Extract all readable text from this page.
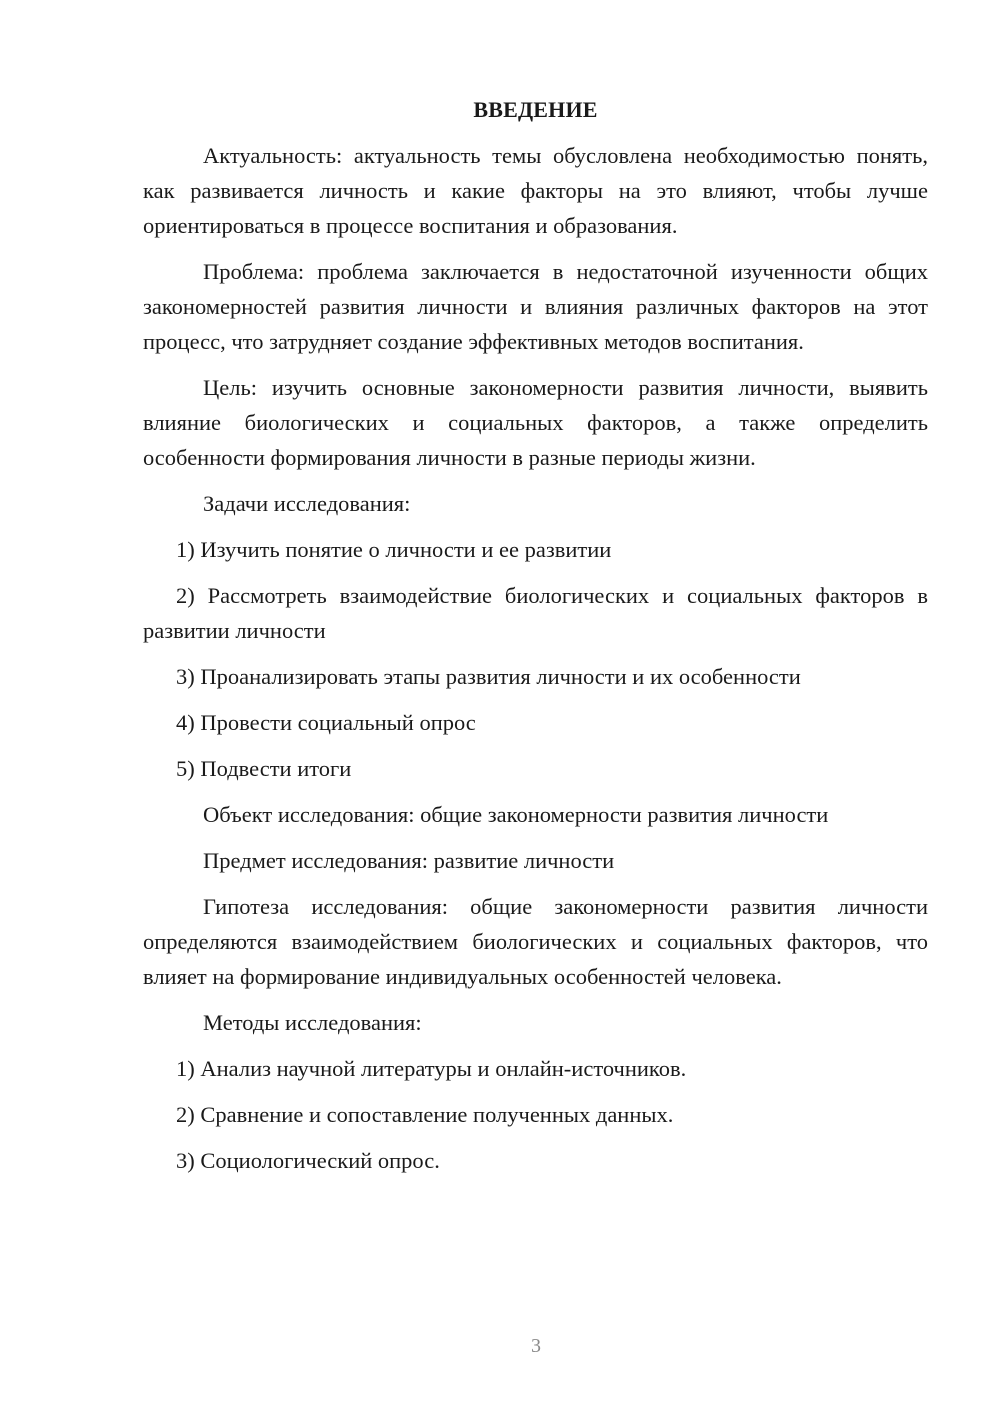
ВВЕДЕНИЕ

Актуальность: актуальность темы обусловлена необходимостью понять, как развивается личность и какие факторы на это влияют, чтобы лучше ориентироваться в процессе воспитания и образования.

Проблема: проблема заключается в недостаточной изученности общих закономерностей развития личности и влияния различных факторов на этот процесс, что затрудняет создание эффективных методов воспитания.

Цель: изучить основные закономерности развития личности, выявить влияние биологических и социальных факторов, а также определить особенности формирования личности в разные периоды жизни.

Задачи исследования:

1) Изучить понятие о личности и ее развитии

2) Рассмотреть взаимодействие биологических и социальных факторов в развитии личности

3) Проанализировать этапы развития личности и их особенности

4) Провести социальный опрос

5) Подвести итоги

Объект исследования: общие закономерности развития личности

Предмет исследования: развитие личности

Гипотеза исследования: общие закономерности развития личности определяются взаимодействием биологических и социальных факторов, что влияет на формирование индивидуальных особенностей человека.

Методы исследования:

1) Анализ научной литературы и онлайн-источников.

2) Сравнение и сопоставление полученных данных.

3) Социологический опрос.

3
